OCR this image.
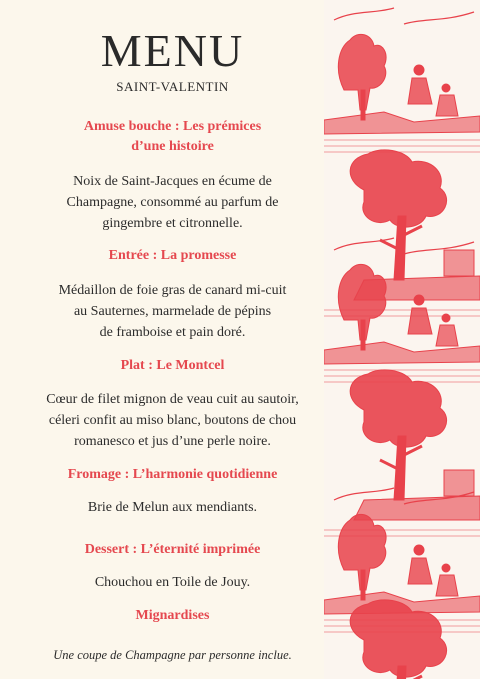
MENU
SAINT-VALENTIN
Amuse bouche : Les prémices
d’une histoire
Noix de Saint-Jacques en écume de
Champagne, consommé au parfum de
gingembre et citronnelle.
Entrée : La promesse
Médaillon de foie gras de canard mi-cuit
au Sauternes, marmelade de pépins
de framboise et pain doré.
Plat : Le Montcel
Cœur de filet mignon de veau cuit au sautoir,
céleri confit au miso blanc, boutons de chou
romanesco et jus d’une perle noire.
Fromage : L’harmonie quotidienne
Brie de Melun aux mendiants.
Dessert : L’éternité imprimée
Chouchou en Toile de Jouy.
Mignardises
Une coupe de Champagne par personne inclue.
